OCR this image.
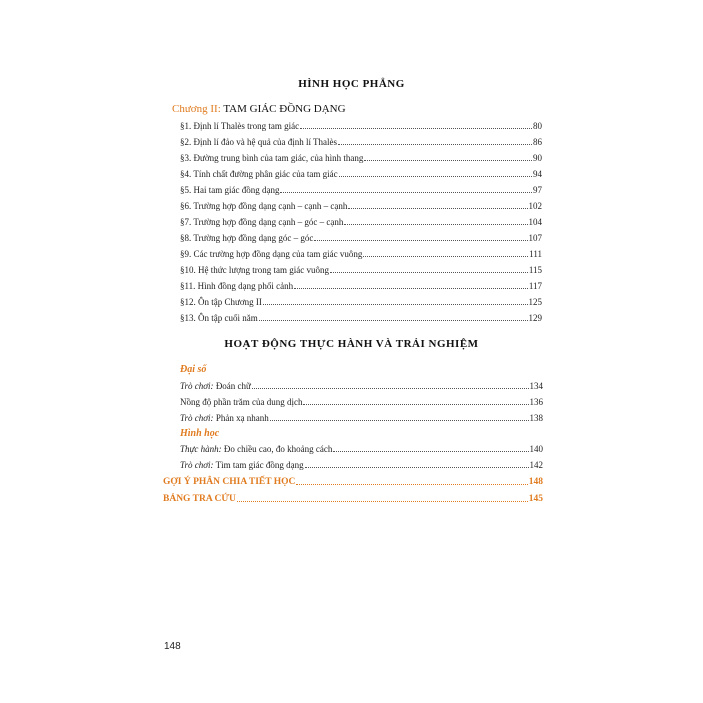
HÌNH HỌC PHẲNG
Chương II: TAM GIÁC ĐỒNG DẠNG
§1. Định lí Thalès trong tam giác	80
§2. Định lí đảo và hệ quả của định lí Thalès	86
§3. Đường trung bình của tam giác, của hình thang	90
§4. Tính chất đường phân giác của tam giác	94
§5. Hai tam giác đồng dạng	97
§6. Trường hợp đồng dạng cạnh – cạnh – cạnh	102
§7. Trường hợp đồng dạng cạnh – góc – cạnh	104
§8. Trường hợp đồng dạng góc – góc	107
§9. Các trường hợp đồng dạng của tam giác vuông	111
§10. Hệ thức lượng trong tam giác vuông	115
§11. Hình đồng dạng phối cảnh	117
§12. Ôn tập Chương II	125
§13. Ôn tập cuối năm	129
HOẠT ĐỘNG THỰC HÀNH VÀ TRẢI NGHIỆM
Đại số
Trò chơi: Đoán chữ	134
Nồng độ phần trăm của dung dịch	136
Trò chơi: Phản xạ nhanh	138
Hình học
Thực hành: Đo chiều cao, đo khoảng cách	140
Trò chơi: Tìm tam giác đồng dạng	142
GỢI Ý PHÂN CHIA TIẾT HỌC	148
BẢNG TRA CỨU	145
148
